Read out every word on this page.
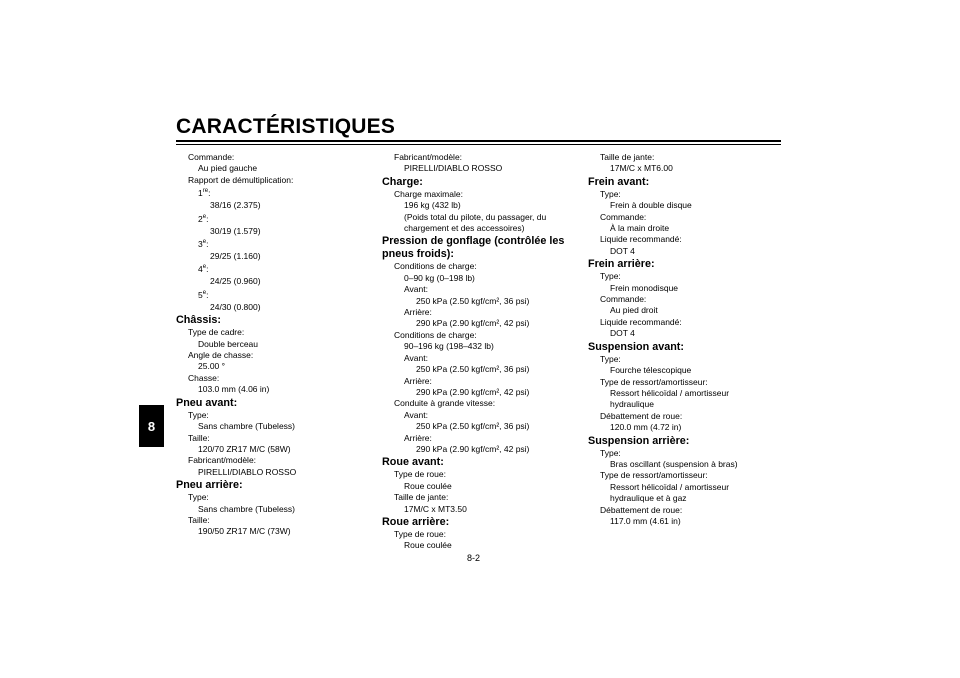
CARACTÉRISTIQUES
8
Commande:
Au pied gauche
Rapport de démultiplication:
1re:
38/16 (2.375)
2e:
30/19 (1.579)
3e:
29/25 (1.160)
4e:
24/25 (0.960)
5e:
24/30 (0.800)
Châssis:
Type de cadre:
Double berceau
Angle de chasse:
25.00 °
Chasse:
103.0 mm (4.06 in)
Pneu avant:
Type:
Sans chambre (Tubeless)
Taille:
120/70 ZR17 M/C (58W)
Fabricant/modèle:
PIRELLI/DIABLO ROSSO
Pneu arrière:
Type:
Sans chambre (Tubeless)
Taille:
190/50 ZR17 M/C (73W)
Fabricant/modèle:
PIRELLI/DIABLO ROSSO
Charge:
Charge maximale:
196 kg (432 lb)
(Poids total du pilote, du passager, du chargement et des accessoires)
Pression de gonflage (contrôlée les pneus froids):
Conditions de charge:
0–90 kg (0–198 lb)
Avant:
250 kPa (2.50 kgf/cm², 36 psi)
Arrière:
290 kPa (2.90 kgf/cm², 42 psi)
Conditions de charge:
90–196 kg (198–432 lb)
Avant:
250 kPa (2.50 kgf/cm², 36 psi)
Arrière:
290 kPa (2.90 kgf/cm², 42 psi)
Conduite à grande vitesse:
Avant:
250 kPa (2.50 kgf/cm², 36 psi)
Arrière:
290 kPa (2.90 kgf/cm², 42 psi)
Roue avant:
Type de roue:
Roue coulée
Taille de jante:
17M/C x MT3.50
Roue arrière:
Type de roue:
Roue coulée
Taille de jante:
17M/C x MT6.00
Frein avant:
Type:
Frein à double disque
Commande:
À la main droite
Liquide recommandé:
DOT 4
Frein arrière:
Type:
Frein monodisque
Commande:
Au pied droit
Liquide recommandé:
DOT 4
Suspension avant:
Type:
Fourche télescopique
Type de ressort/amortisseur:
Ressort hélicoïdal / amortisseur hydraulique
Débattement de roue:
120.0 mm (4.72 in)
Suspension arrière:
Type:
Bras oscillant (suspension à bras)
Type de ressort/amortisseur:
Ressort hélicoïdal / amortisseur hydraulique et à gaz
Débattement de roue:
117.0 mm (4.61 in)
8-2
